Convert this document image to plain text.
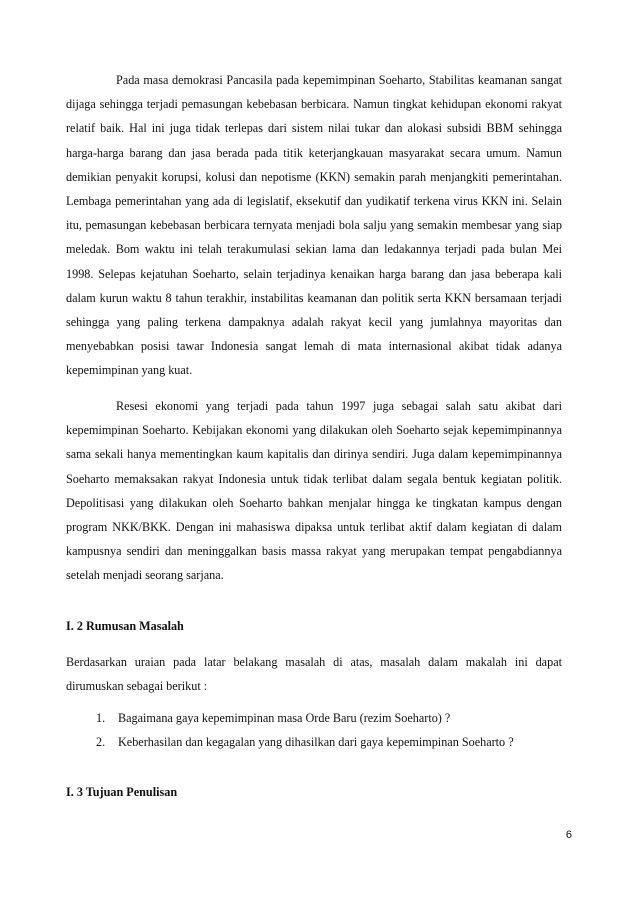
Pada masa demokrasi Pancasila pada kepemimpinan Soeharto, Stabilitas keamanan sangat dijaga sehingga terjadi pemasungan kebebasan berbicara. Namun tingkat kehidupan ekonomi rakyat relatif baik. Hal ini juga tidak terlepas dari sistem nilai tukar dan alokasi subsidi BBM sehingga harga-harga barang dan jasa berada pada titik keterjangkauan masyarakat secara umum. Namun demikian penyakit korupsi, kolusi dan nepotisme (KKN) semakin parah menjangkiti pemerintahan. Lembaga pemerintahan yang ada di legislatif, eksekutif dan yudikatif terkena virus KKN ini. Selain itu, pemasungan kebebasan berbicara ternyata menjadi bola salju yang semakin membesar yang siap meledak. Bom waktu ini telah terakumulasi sekian lama dan ledakannya terjadi pada bulan Mei 1998. Selepas kejatuhan Soeharto, selain terjadinya kenaikan harga barang dan jasa beberapa kali dalam kurun waktu 8 tahun terakhir, instabilitas keamanan dan politik serta KKN bersamaan terjadi sehingga yang paling terkena dampaknya adalah rakyat kecil yang jumlahnya mayoritas dan menyebabkan posisi tawar Indonesia sangat lemah di mata internasional akibat tidak adanya kepemimpinan yang kuat.

Resesi ekonomi yang terjadi pada tahun 1997 juga sebagai salah satu akibat dari kepemimpinan Soeharto. Kebijakan ekonomi yang dilakukan oleh Soeharto sejak kepemimpinannya sama sekali hanya mementingkan kaum kapitalis dan dirinya sendiri. Juga dalam kepemimpinannya Soeharto memaksakan rakyat Indonesia untuk tidak terlibat dalam segala bentuk kegiatan politik. Depolitisasi yang dilakukan oleh Soeharto bahkan menjalar hingga ke tingkatan kampus dengan program NKK/BKK. Dengan ini mahasiswa dipaksa untuk terlibat aktif dalam kegiatan di dalam kampusnya sendiri dan meninggalkan basis massa rakyat yang merupakan tempat pengabdiannya setelah menjadi seorang sarjana.

I. 2 Rumusan Masalah

Berdasarkan uraian pada latar belakang masalah di atas, masalah dalam makalah ini dapat dirumuskan sebagai berikut :

1.	Bagaimana gaya kepemimpinan masa Orde Baru (rezim Soeharto) ?
2.	Keberhasilan dan kegagalan yang dihasilkan dari gaya kepemimpinan Soeharto ?
I. 3 Tujuan Penulisan
6
